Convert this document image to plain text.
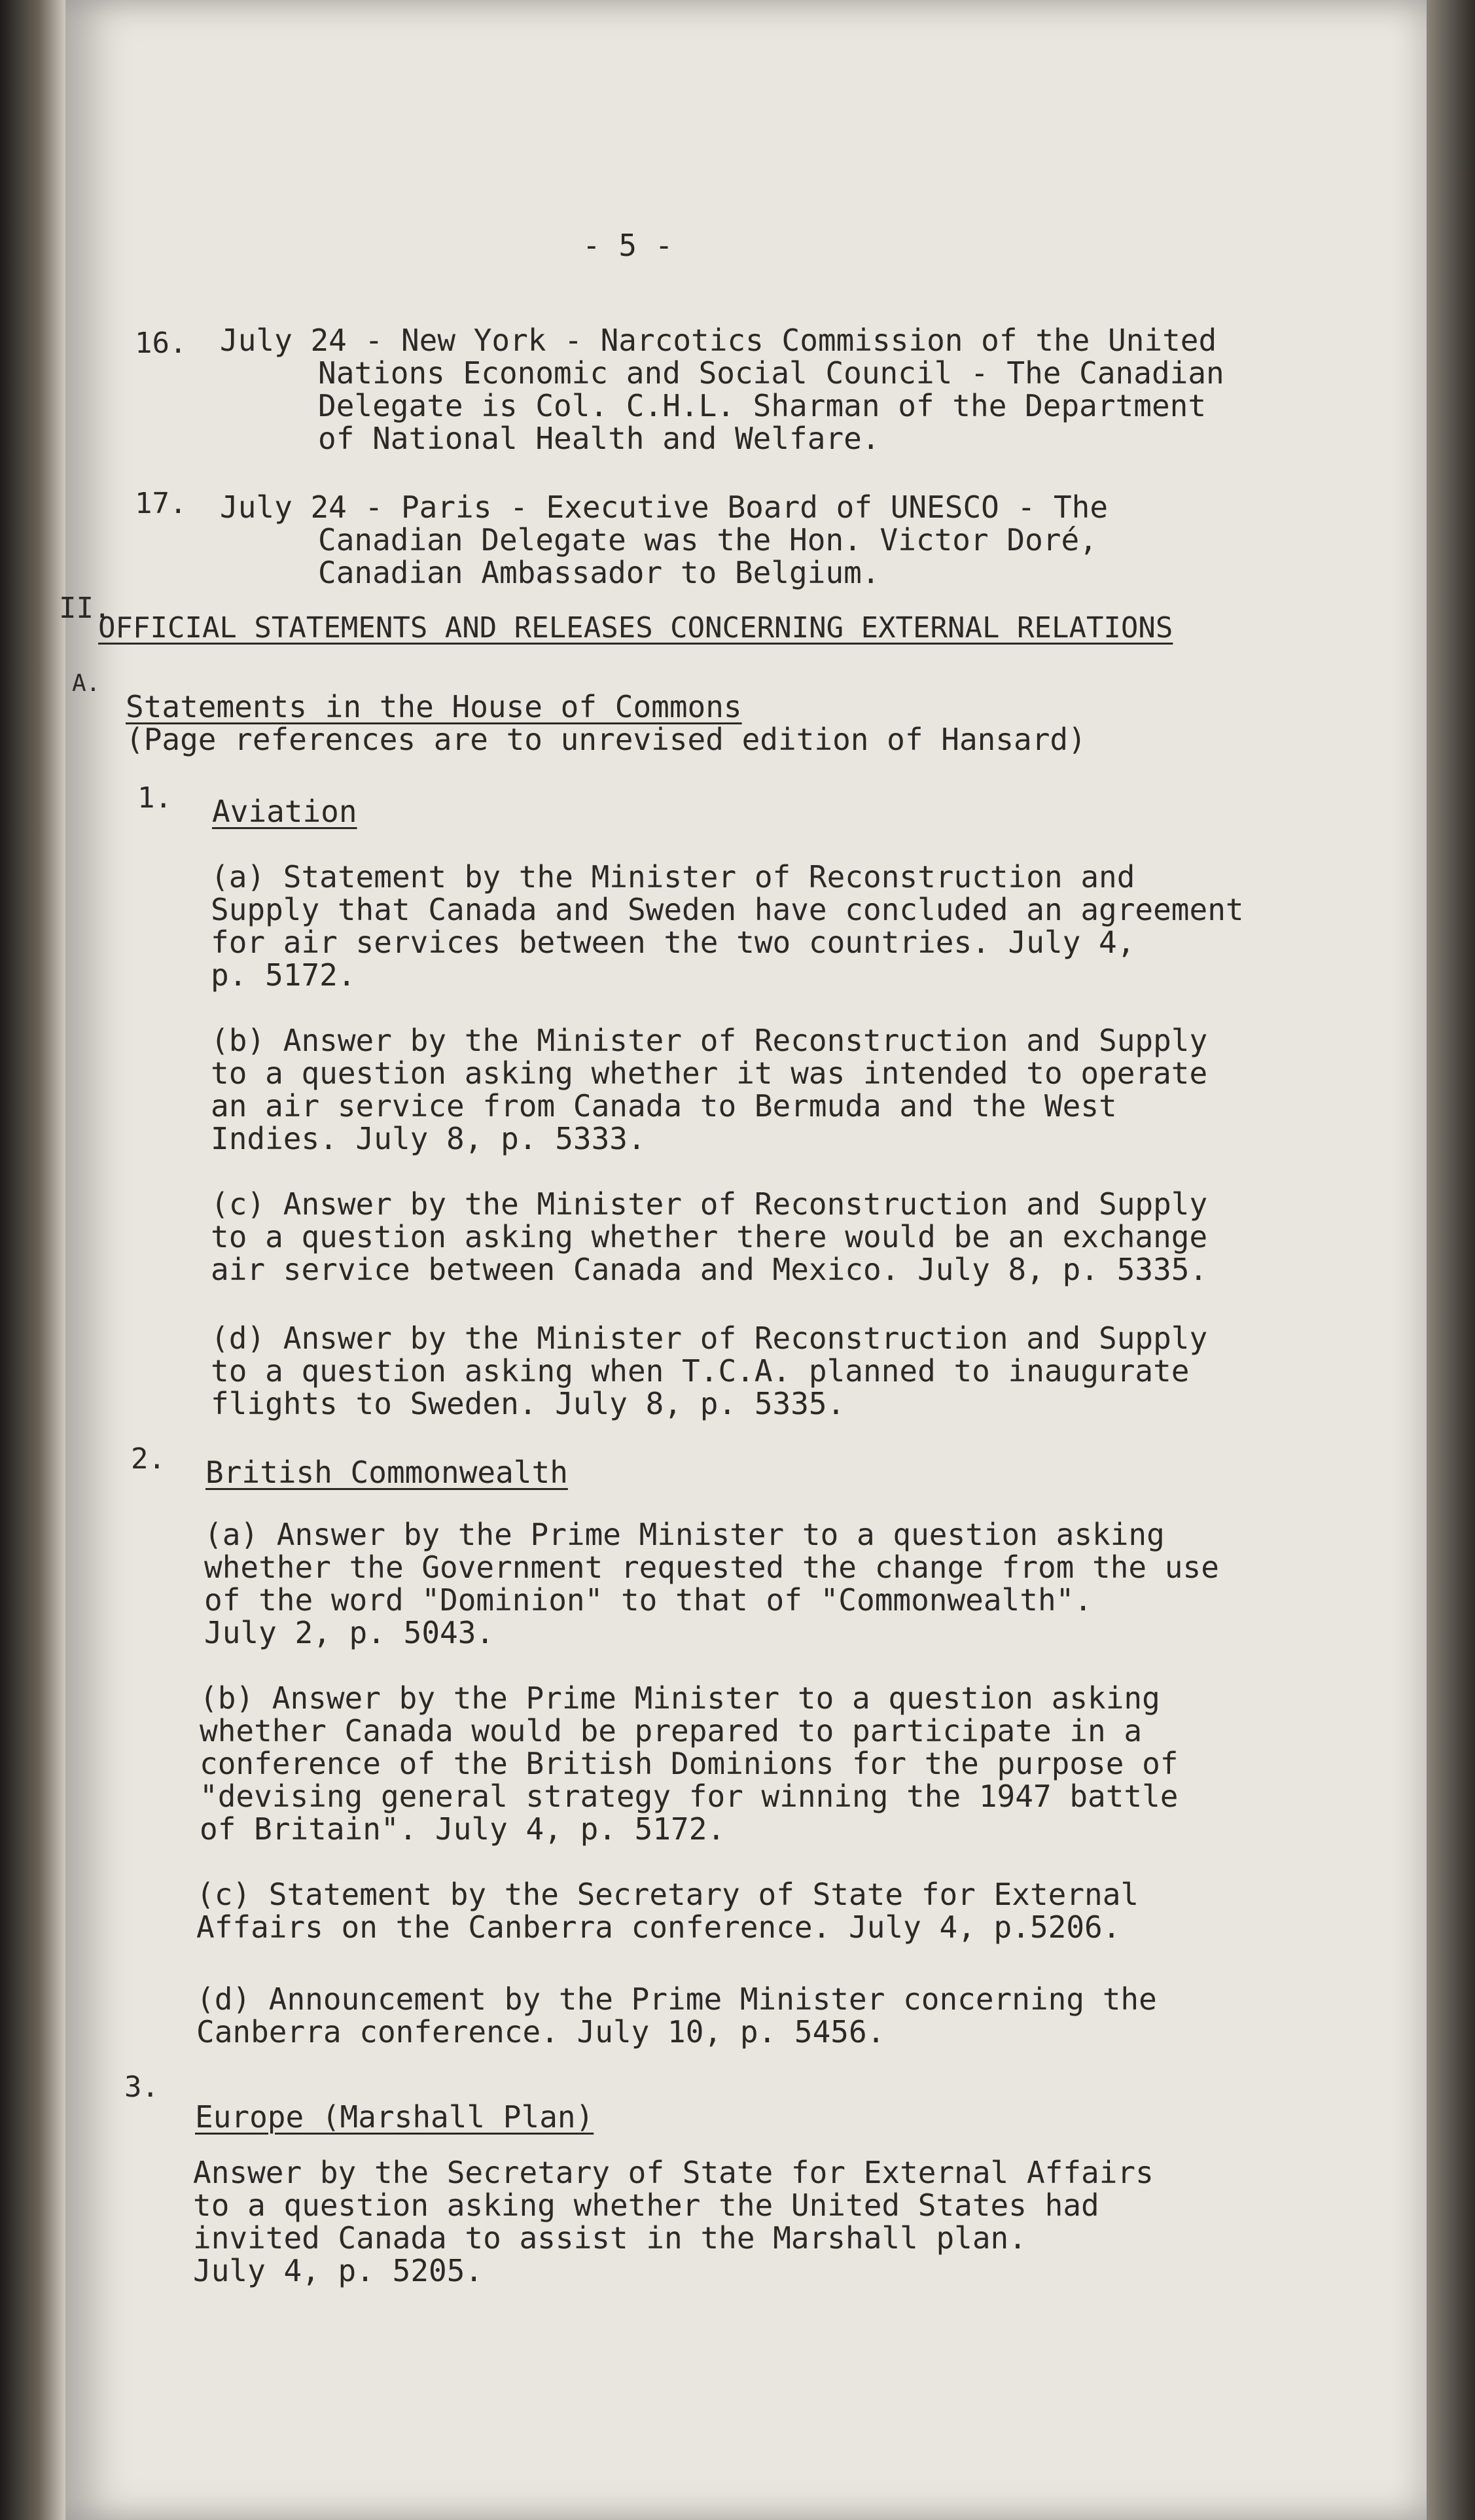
- 5 -

16. July 24 - New York - Narcotics Commission of the United
Nations Economic and Social Council - The Canadian
Delegate is Col. C.H.L. Sharman of the Department
of National Health and Welfare.
17. July 24 - Paris - Executive Board of UNESCO - The
Canadian Delegate was the Hon. Victor Doré,
Canadian Ambassador to Belgium.
II.

OFFICIAL STATEMENTS AND RELEASES CONCERNING EXTERNAL RELATIONS

A.

Statements in the House of Commons

(Page references are to unrevised edition of Hansard)

1. Aviation

(a) Statement by the Minister of Reconstruction and
Supply that Canada and Sweden have concluded an agreement
for air services between the two countries. July 4,
p. 5172.
(b) Answer by the Minister of Reconstruction and Supply
to a question asking whether it was intended to operate
an air service from Canada to Bermuda and the West
Indies. July 8, p. 5333.
(c) Answer by the Minister of Reconstruction and Supply
to a question asking whether there would be an exchange
air service between Canada and Mexico. July 8, p. 5335.
(d) Answer by the Minister of Reconstruction and Supply
to a question asking when T.C.A. planned to inaugurate
flights to Sweden. July 8, p. 5335.
2. British Commonwealth

(a) Answer by the Prime Minister to a question asking
whether the Government requested the change from the use
of the word "Dominion" to that of "Commonwealth".
July 2, p. 5043.
(b) Answer by the Prime Minister to a question asking
whether Canada would be prepared to participate in a
conference of the British Dominions for the purpose of
"devising general strategy for winning the 1947 battle
of Britain". July 4, p. 5172.
(c) Statement by the Secretary of State for External
Affairs on the Canberra conference. July 4, p.5206.
(d) Announcement by the Prime Minister concerning the
Canberra conference. July 10, p. 5456.
3.

Europe (Marshall Plan)

Answer by the Secretary of State for External Affairs
to a question asking whether the United States had
invited Canada to assist in the Marshall plan.
July 4, p. 5205.
